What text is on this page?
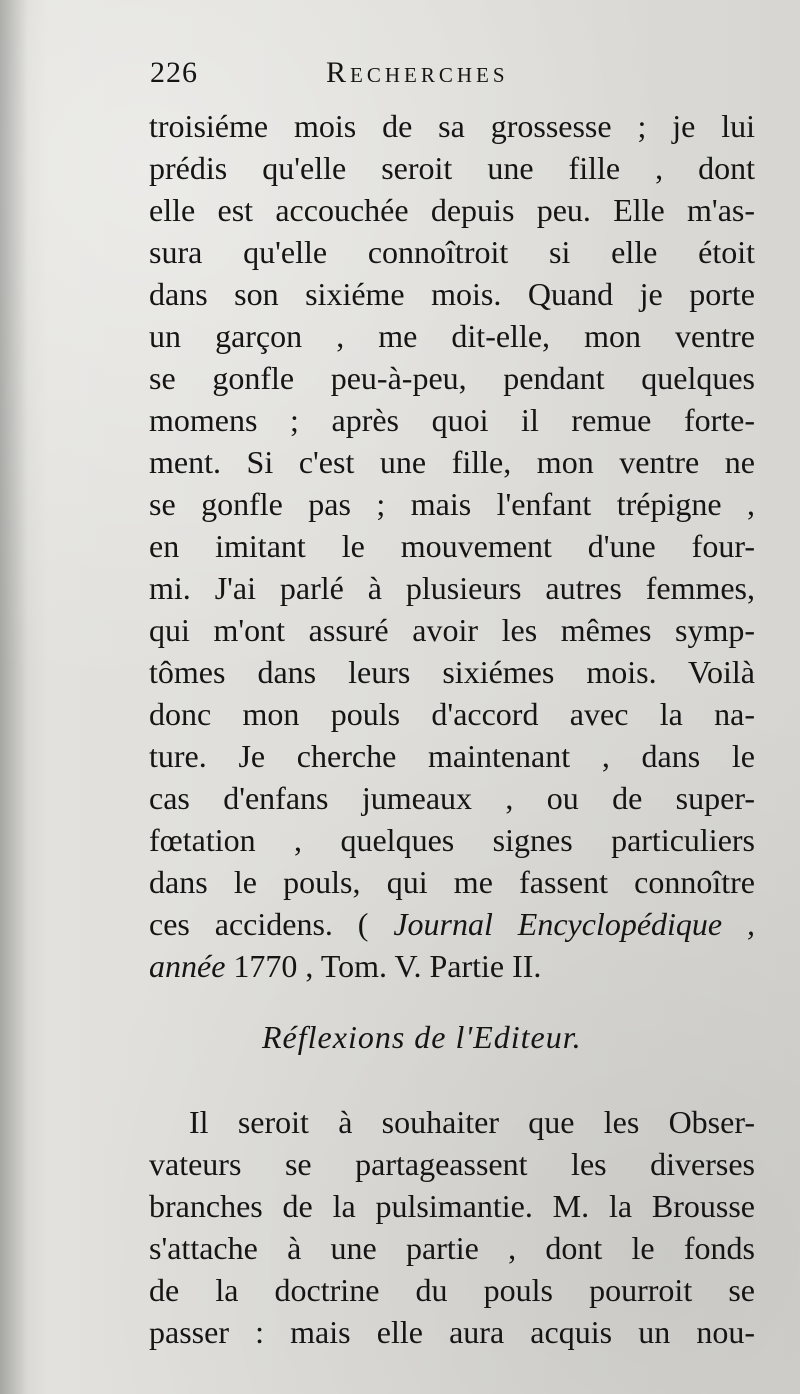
226	Recherches
troisiéme mois de sa grossesse ; je lui
prédis qu'elle seroit une fille , dont
elle est accouchée depuis peu. Elle m'as-
sura qu'elle connoîtroit si elle étoit
dans son sixiéme mois. Quand je porte
un garçon , me dit-elle, mon ventre
se gonfle peu-à-peu, pendant quelques
momens ; après quoi il remue forte-
ment. Si c'est une fille, mon ventre ne
se gonfle pas ; mais l'enfant trépigne ,
en imitant le mouvement d'une four-
mi. J'ai parlé à plusieurs autres femmes,
qui m'ont assuré avoir les mêmes symp-
tômes dans leurs sixiémes mois. Voilà
donc mon pouls d'accord avec la na-
ture. Je cherche maintenant , dans le
cas d'enfans jumeaux , ou de super-
fœtation , quelques signes particuliers
dans le pouls, qui me fassent connoître
ces accidens. ( Journal Encyclopédique ,
année 1770 , Tom. V. Partie II.
Réflexions de l'Editeur.
Il seroit à souhaiter que les Obser-
vateurs se partageassent les diverses
branches de la pulsimantie. M. la Brousse
s'attache à une partie , dont le fonds
de la doctrine du pouls pourroit se
passer : mais elle aura acquis un nou-
